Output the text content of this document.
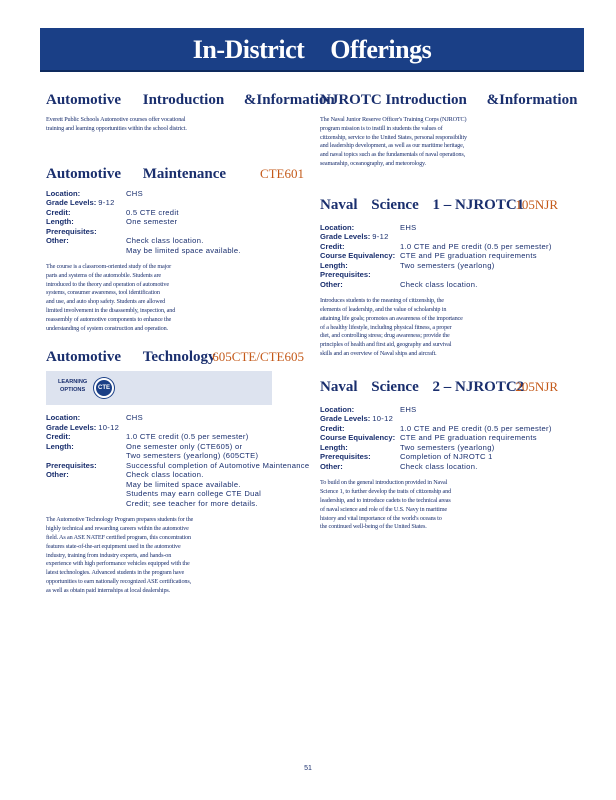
In-District Offerings
Automotive Introduction &Information
Everett Public Schools Automotive courses offer vocational
training and learning opportunities within the school district.
Automotive Maintenance	CTE601
Location:	CHS
Grade Levels: 9-12
Credit:	0.5 CTE credit
Length:	One semester
Prerequisites:

Other:	Check class location.
May be limited space available.
The course is a classroom-oriented study of the major
parts and systems of the automobile. Students are
introduced to the theory and operation of automotive
systems, consumer awareness, tool identification
and use, and auto shop safety. Students are allowed
limited involvement in the disassembly, inspection, and
reassembly of automotive components to enhance the
understanding of system construction and operation.
Automotive Technology
605CTE/CTE605
LEARNING
OPTIONS	CTE
Location:	CHS
Grade Levels: 10-12
Credit:	1.0 CTE credit (0.5 per semester)
Length:	One semester only (CTE605) or
Two semesters (yearlong) (605CTE)
Prerequisites:	Successful completion of Automotive Maintenance
Other:	Check class location.
May be limited space available.
Students may earn college CTE Dual
Credit; see teacher for more details.
The Automotive Technology Program prepares students for the
highly technical and rewarding careers within the automotive
field. As an ASE NATEF certified program, this concentration
features state-of-the-art equipment used in the automotive
industry, training from industry experts, and hands-on
experience with high performance vehicles equipped with the
latest technologies. Advanced students in the program have
opportunities to earn nationally recognized ASE certifications,
as well as obtain paid internships at local dealerships.
NJROTC Introduction &Information
The Naval Junior Reserve Officer's Training Corps (NJROTC)
program mission is to instill in students the values of
citizenship, service to the United States, personal responsibility
and leadership development, as well as our maritime heritage,
and naval topics such as the fundamentals of naval operations,
seamanship, oceanography, and meteorology.
Naval Science 1 – NJROTC1
105NJR
Location:	EHS
Grade Levels: 9-12
Credit:	1.0 CTE and PE credit (0.5 per semester)
Course Equivalency: CTE and PE graduation requirements
Length:	Two semesters (yearlong)
Prerequisites:

Other:	Check class location.
Introduces students to the meaning of citizenship, the
elements of leadership, and the value of scholarship in
attaining life goals; promotes an awareness of the importance
of a healthy lifestyle, including physical fitness, a proper
diet, and controlling stress; drug awareness; provide the
principles of health and first aid, geography and survival
skills and an overview of Naval ships and aircraft.
Naval Science 2 – NJROTC2
205NJR
Location:	EHS
Grade Levels: 10-12
Credit:	1.0 CTE and PE credit (0.5 per semester)
Course Equivalency: CTE and PE graduation requirements
Length:	Two semesters (yearlong)
Prerequisites:	Completion of NJROTC 1
Other:	Check class location.
To build on the general introduction provided in Naval
Science 1, to further develop the traits of citizenship and
leadership, and to introduce cadets to the technical areas
of naval science and role of the U.S. Navy in maritime
history and vital importance of the world's oceans to
the continued well-being of the United States.
51
